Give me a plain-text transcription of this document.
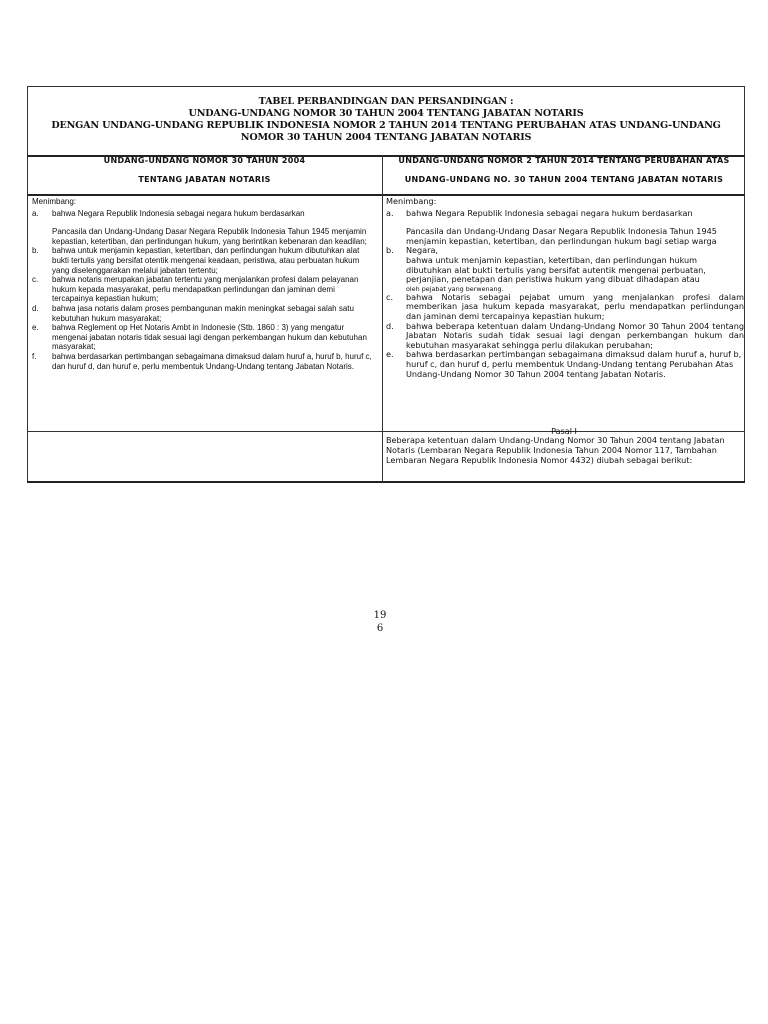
TABEL PERBANDINGAN DAN PERSANDINGAN :
UNDANG-UNDANG NOMOR 30 TAHUN 2004 TENTANG JABATAN NOTARIS
DENGAN UNDANG-UNDANG REPUBLIK INDONESIA NOMOR 2 TAHUN 2014 TENTANG PERUBAHAN ATAS UNDANG-UNDANG
NOMOR 30 TAHUN 2004 TENTANG JABATAN NOTARIS
UNDANG-UNDANG NOMOR 30 TAHUN 2004
TENTANG JABATAN NOTARIS
UNDANG-UNDANG NOMOR 2 TAHUN 2014 TENTANG PERUBAHAN ATAS
UNDANG-UNDANG NO. 30 TAHUN 2004 TENTANG JABATAN NOTARIS
Menimbang:
a. bahwa Negara Republik Indonesia sebagai negara hukum berdasarkan

Pancasila dan Undang-Undang Dasar Negara Republik Indonesia Tahun 1945 menjamin kepastian, ketertiban, dan perlindungan hukum, yang berintikan kebenaran dan keadilan;

b. bahwa untuk menjamin kepastian, ketertiban, dan perlindungan hukum dibutuhkan alat bukti tertulis yang bersifat otentik mengenai keadaan, peristiwa, atau perbuatan hukum yang diselenggarakan melalui jabatan tertentu;

c. bahwa notaris merupakan jabatan tertentu yang menjalankan profesi dalam pelayanan hukum kepada masyarakat, perlu mendapatkan perlindungan dan jaminan demi tercapainya kepastian hukum;

d. bahwa jasa notaris dalam proses pembangunan makin meningkat sebagai salah satu kebutuhan hukum masyarakat;

e. bahwa Reglement op Het Notaris Ambt in Indonesie (Stb. 1860 : 3) yang mengatur mengenai jabatan notaris tidak sesuai lagi dengan perkembangan hukum dan kebutuhan masyarakat;

f. bahwa berdasarkan pertimbangan sebagaimana dimaksud dalam huruf a, huruf b, huruf c, dan huruf d, dan huruf e, perlu membentuk Undang-Undang tentang Jabatan Notaris.

Menimbang:
a. bahwa Negara Republik Indonesia sebagai negara hukum berdasarkan

Pancasila dan Undang-Undang Dasar Negara Republik Indonesia Tahun 1945 menjamin kepastian, ketertiban, dan perlindungan hukum bagi setiap warga

b. Negara,

bahwa untuk menjamin kepastian, ketertiban, dan perlindungan hukum dibutuhkan alat bukti tertulis yang bersifat autentik mengenai perbuatan, perjanjian, penetapan dan peristiwa hukum yang dibuat dihadapan atau

oleh pejabat yang berwenang.

c. bahwa Notaris sebagai pejabat umum yang menjalankan profesi dalam memberikan jasa hukum kepada masyarakat, perlu mendapatkan perlindungan dan jaminan demi tercapainya kepastian hukum;

d. bahwa beberapa ketentuan dalam Undang-Undang Nomor 30 Tahun 2004 tentang Jabatan Notaris sudah tidak sesuai lagi dengan perkembangan hukum dan kebutuhan masyarakat sehingga perlu dilakukan perubahan;

e. bahwa berdasarkan pertimbangan sebagaimana dimaksud dalam huruf a, huruf b, huruf c, dan huruf d, perlu membentuk Undang-Undang tentang Perubahan Atas Undang-Undang Nomor 30 Tahun 2004 tentang Jabatan Notaris.

Pasal I
Beberapa ketentuan dalam Undang-Undang Nomor 30 Tahun 2004 tentang Jabatan Notaris (Lembaran Negara Republik Indonesia Tahun 2004 Nomor 117, Tambahan Lembaran Negara Republik Indonesia Nomor 4432) diubah sebagai berikut:
19
6
